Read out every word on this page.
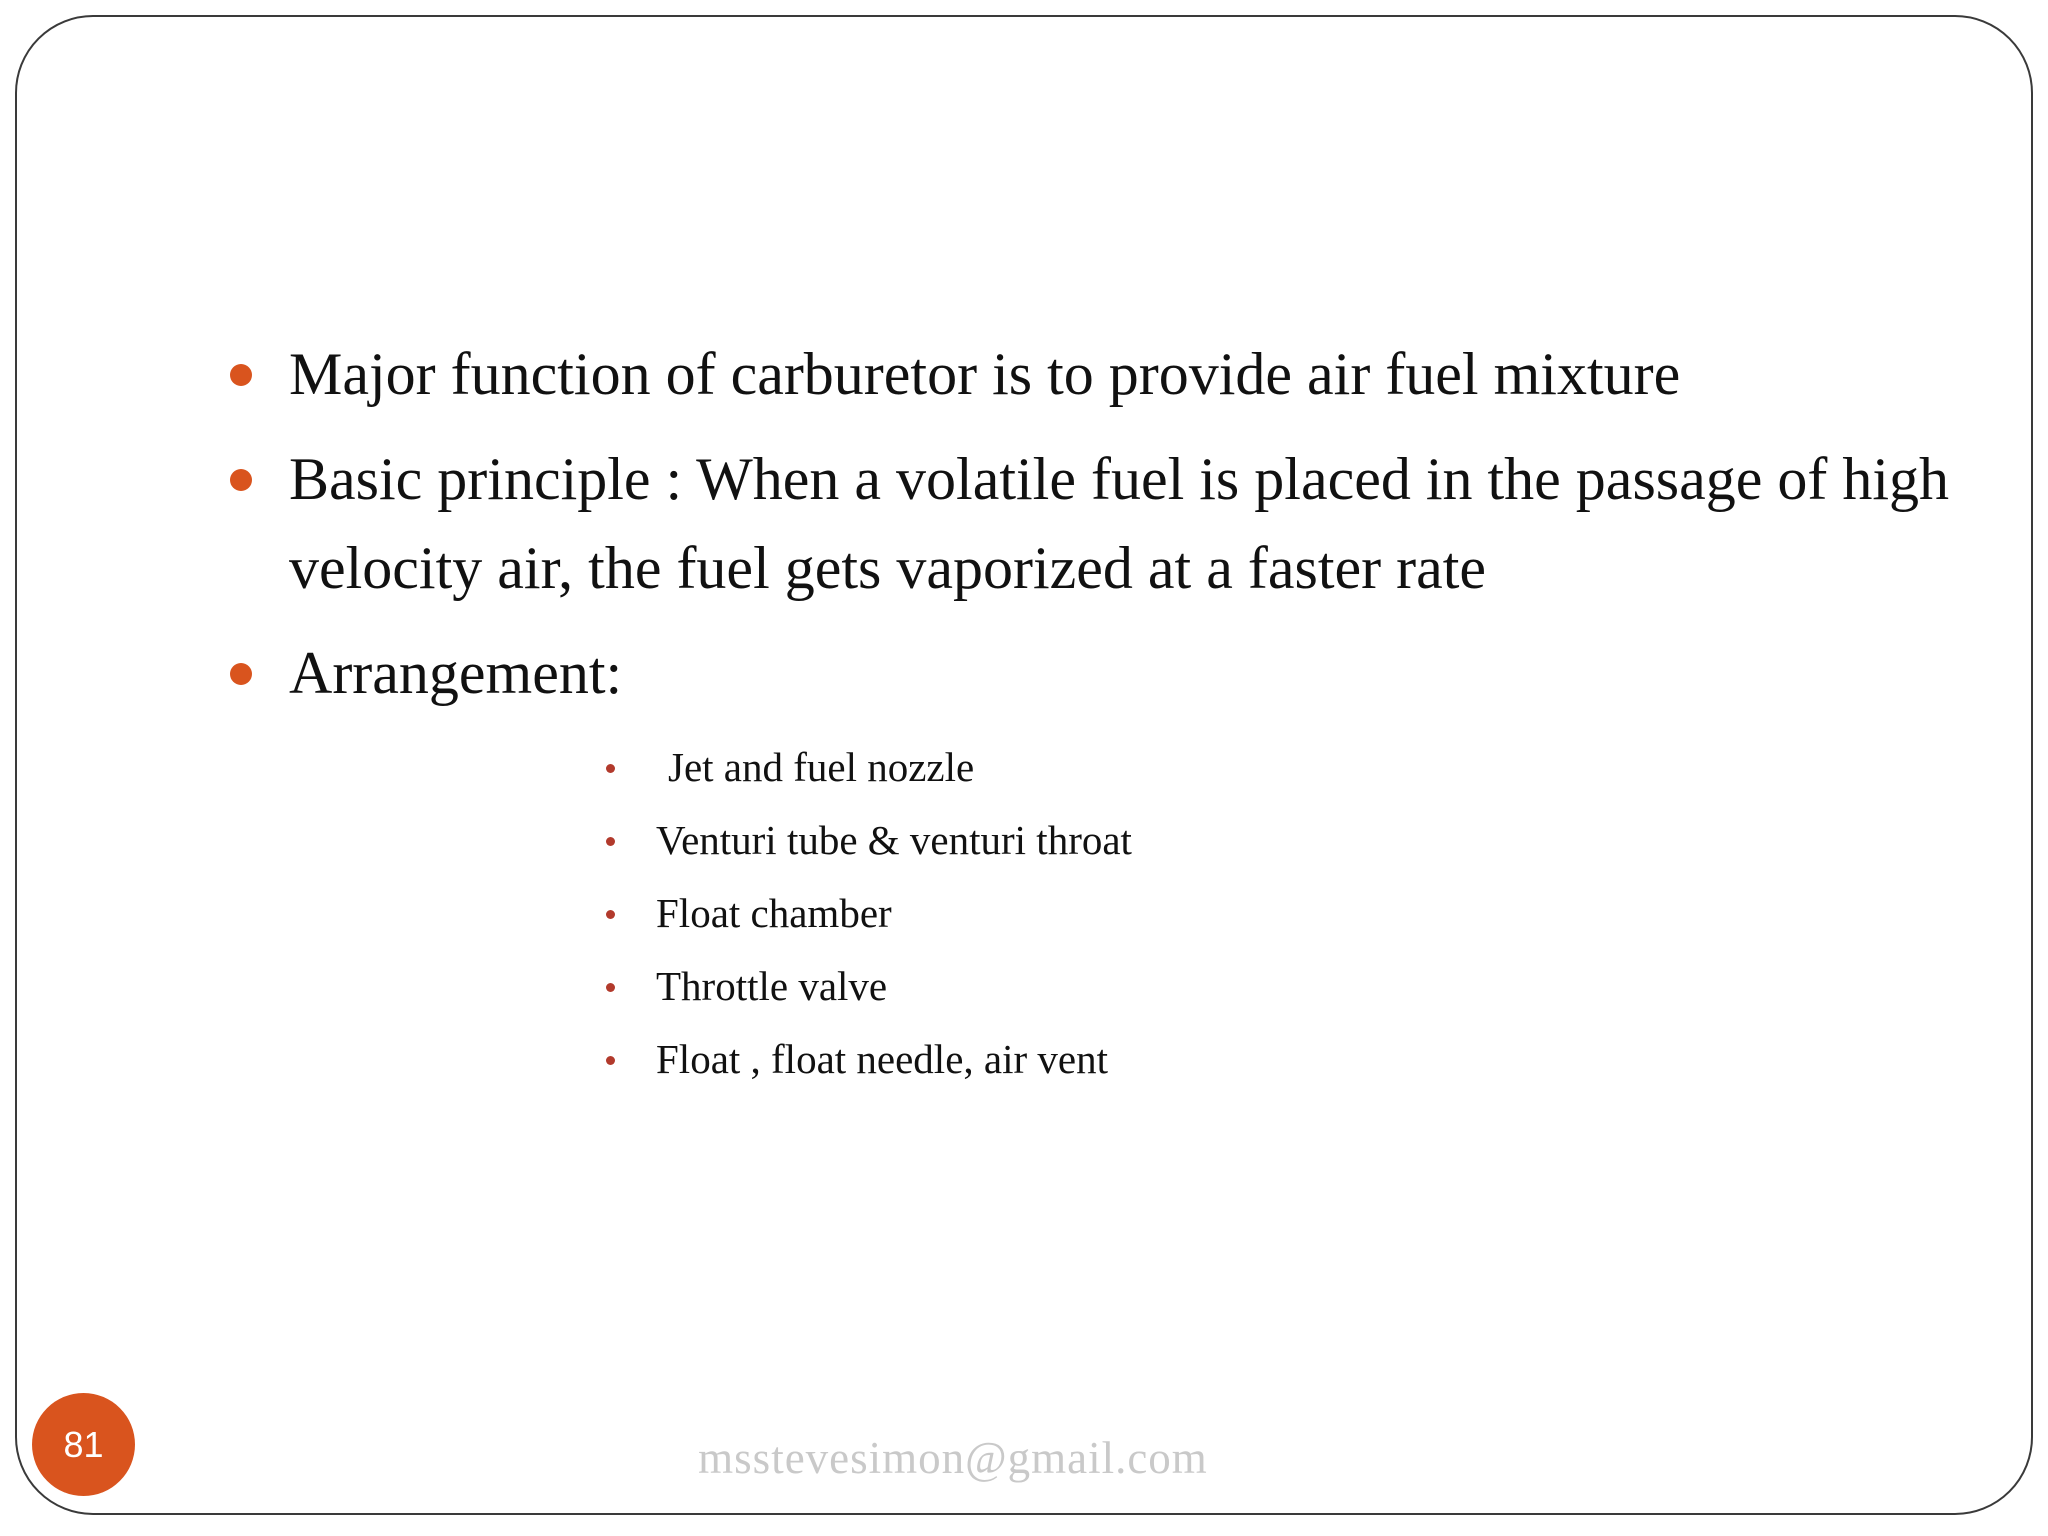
Major function of carburetor is to provide air fuel mixture
Basic principle : When a volatile fuel is placed in the passage of high velocity air, the fuel gets vaporized at a faster rate
Arrangement:
Jet and fuel nozzle
Venturi tube & venturi throat
Float chamber
Throttle valve
Float , float needle, air vent
81	msstevesimon@gmail.com
